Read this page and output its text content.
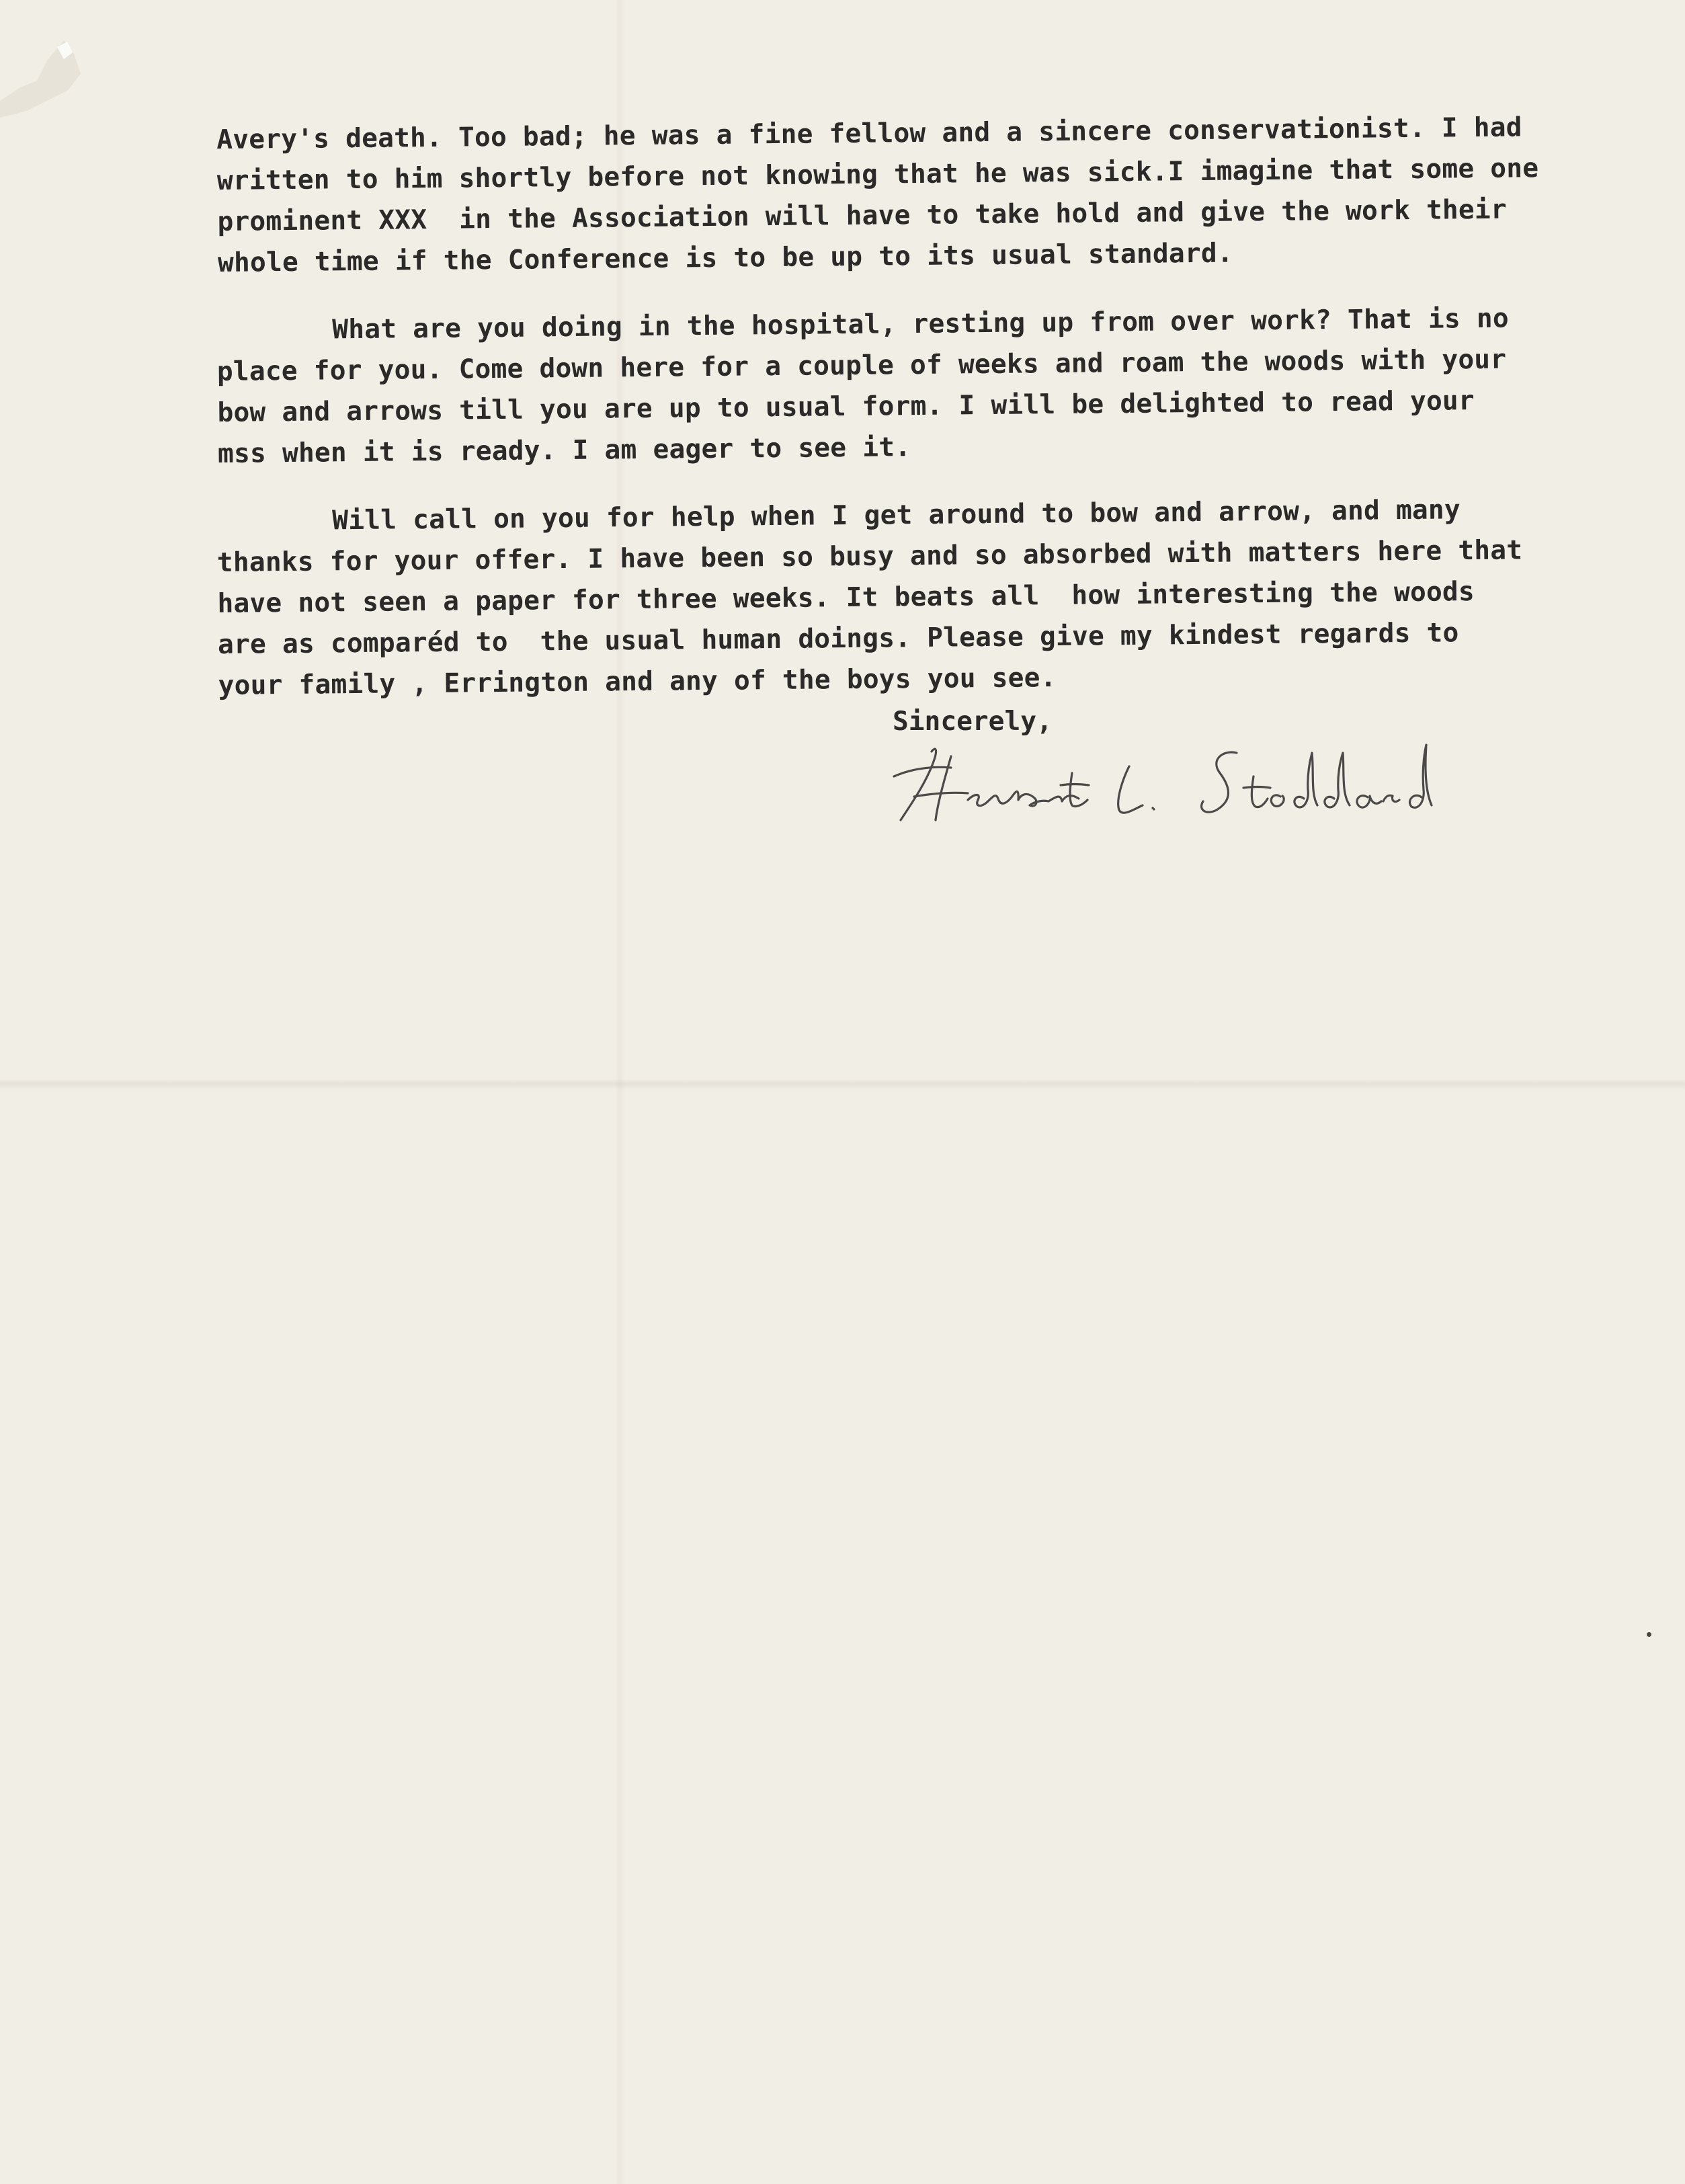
Avery's death. Too bad; he was a fine fellow and a sincere conservationist. I had
written to him shortly before not knowing that he was sick.I imagine that some one
prominent XXX  in the Association will have to take hold and give the work their
whole time if the Conference is to be up to its usual standard.
What are you doing in the hospital, resting up from over work? That is no
place for you. Come down here for a couple of weeks and roam the woods with your
bow and arrows till you are up to usual form. I will be delighted to read your
mss when it is ready. I am eager to see it.
Will call on you for help when I get around to bow and arrow, and many
thanks for your offer. I have been so busy and so absorbed with matters here that
have not seen a paper for three weeks. It beats all  how interesting the woods
are as comparéd to  the usual human doings. Please give my kindest regards to
your family , Errington and any of the boys you see.
Sincerely,
